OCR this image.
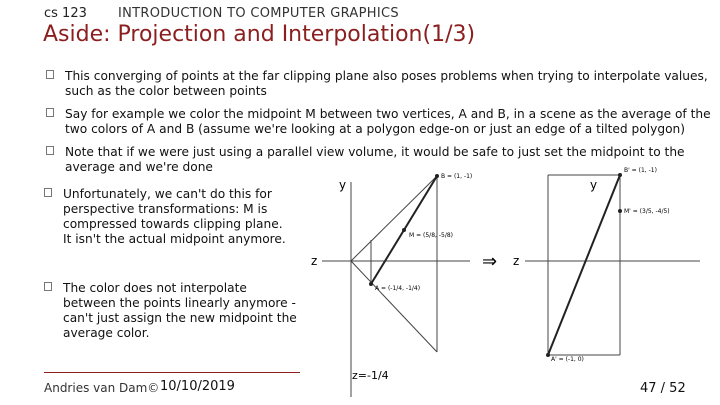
cs 123 INTRODUCTION TO COMPUTER GRAPHICS
Aside: Projection and Interpolation(1/3)
This converging of points at the far clipping plane also poses problems when trying to interpolate values,
such as the color between points
Say for example we color the midpoint M between two vertices, A and B, in a scene as the average of the
two colors of A and B (assume we're looking at a polygon edge-on or just an edge of a tilted polygon)
Note that if we were just using a parallel view volume, it would be safe to just set the midpoint to the
average and we're done
Unfortunately, we can't do this for
perspective transformations: M is
compressed towards clipping plane.
It isn't the actual midpoint anymore.
The color does not interpolate
between the points linearly anymore -
can't just assign the new midpoint the
average color.
y
z
B = (1, -1)
M = (5/8, -5/8)
A = (-1/4, -1/4)
z=-1/4
⇒
y
z
B' = (1, -1)
M' = (3/5, -4/5)
A' = (-1, 0)
Andries van Dam© 10/10/2019	47 / 52
